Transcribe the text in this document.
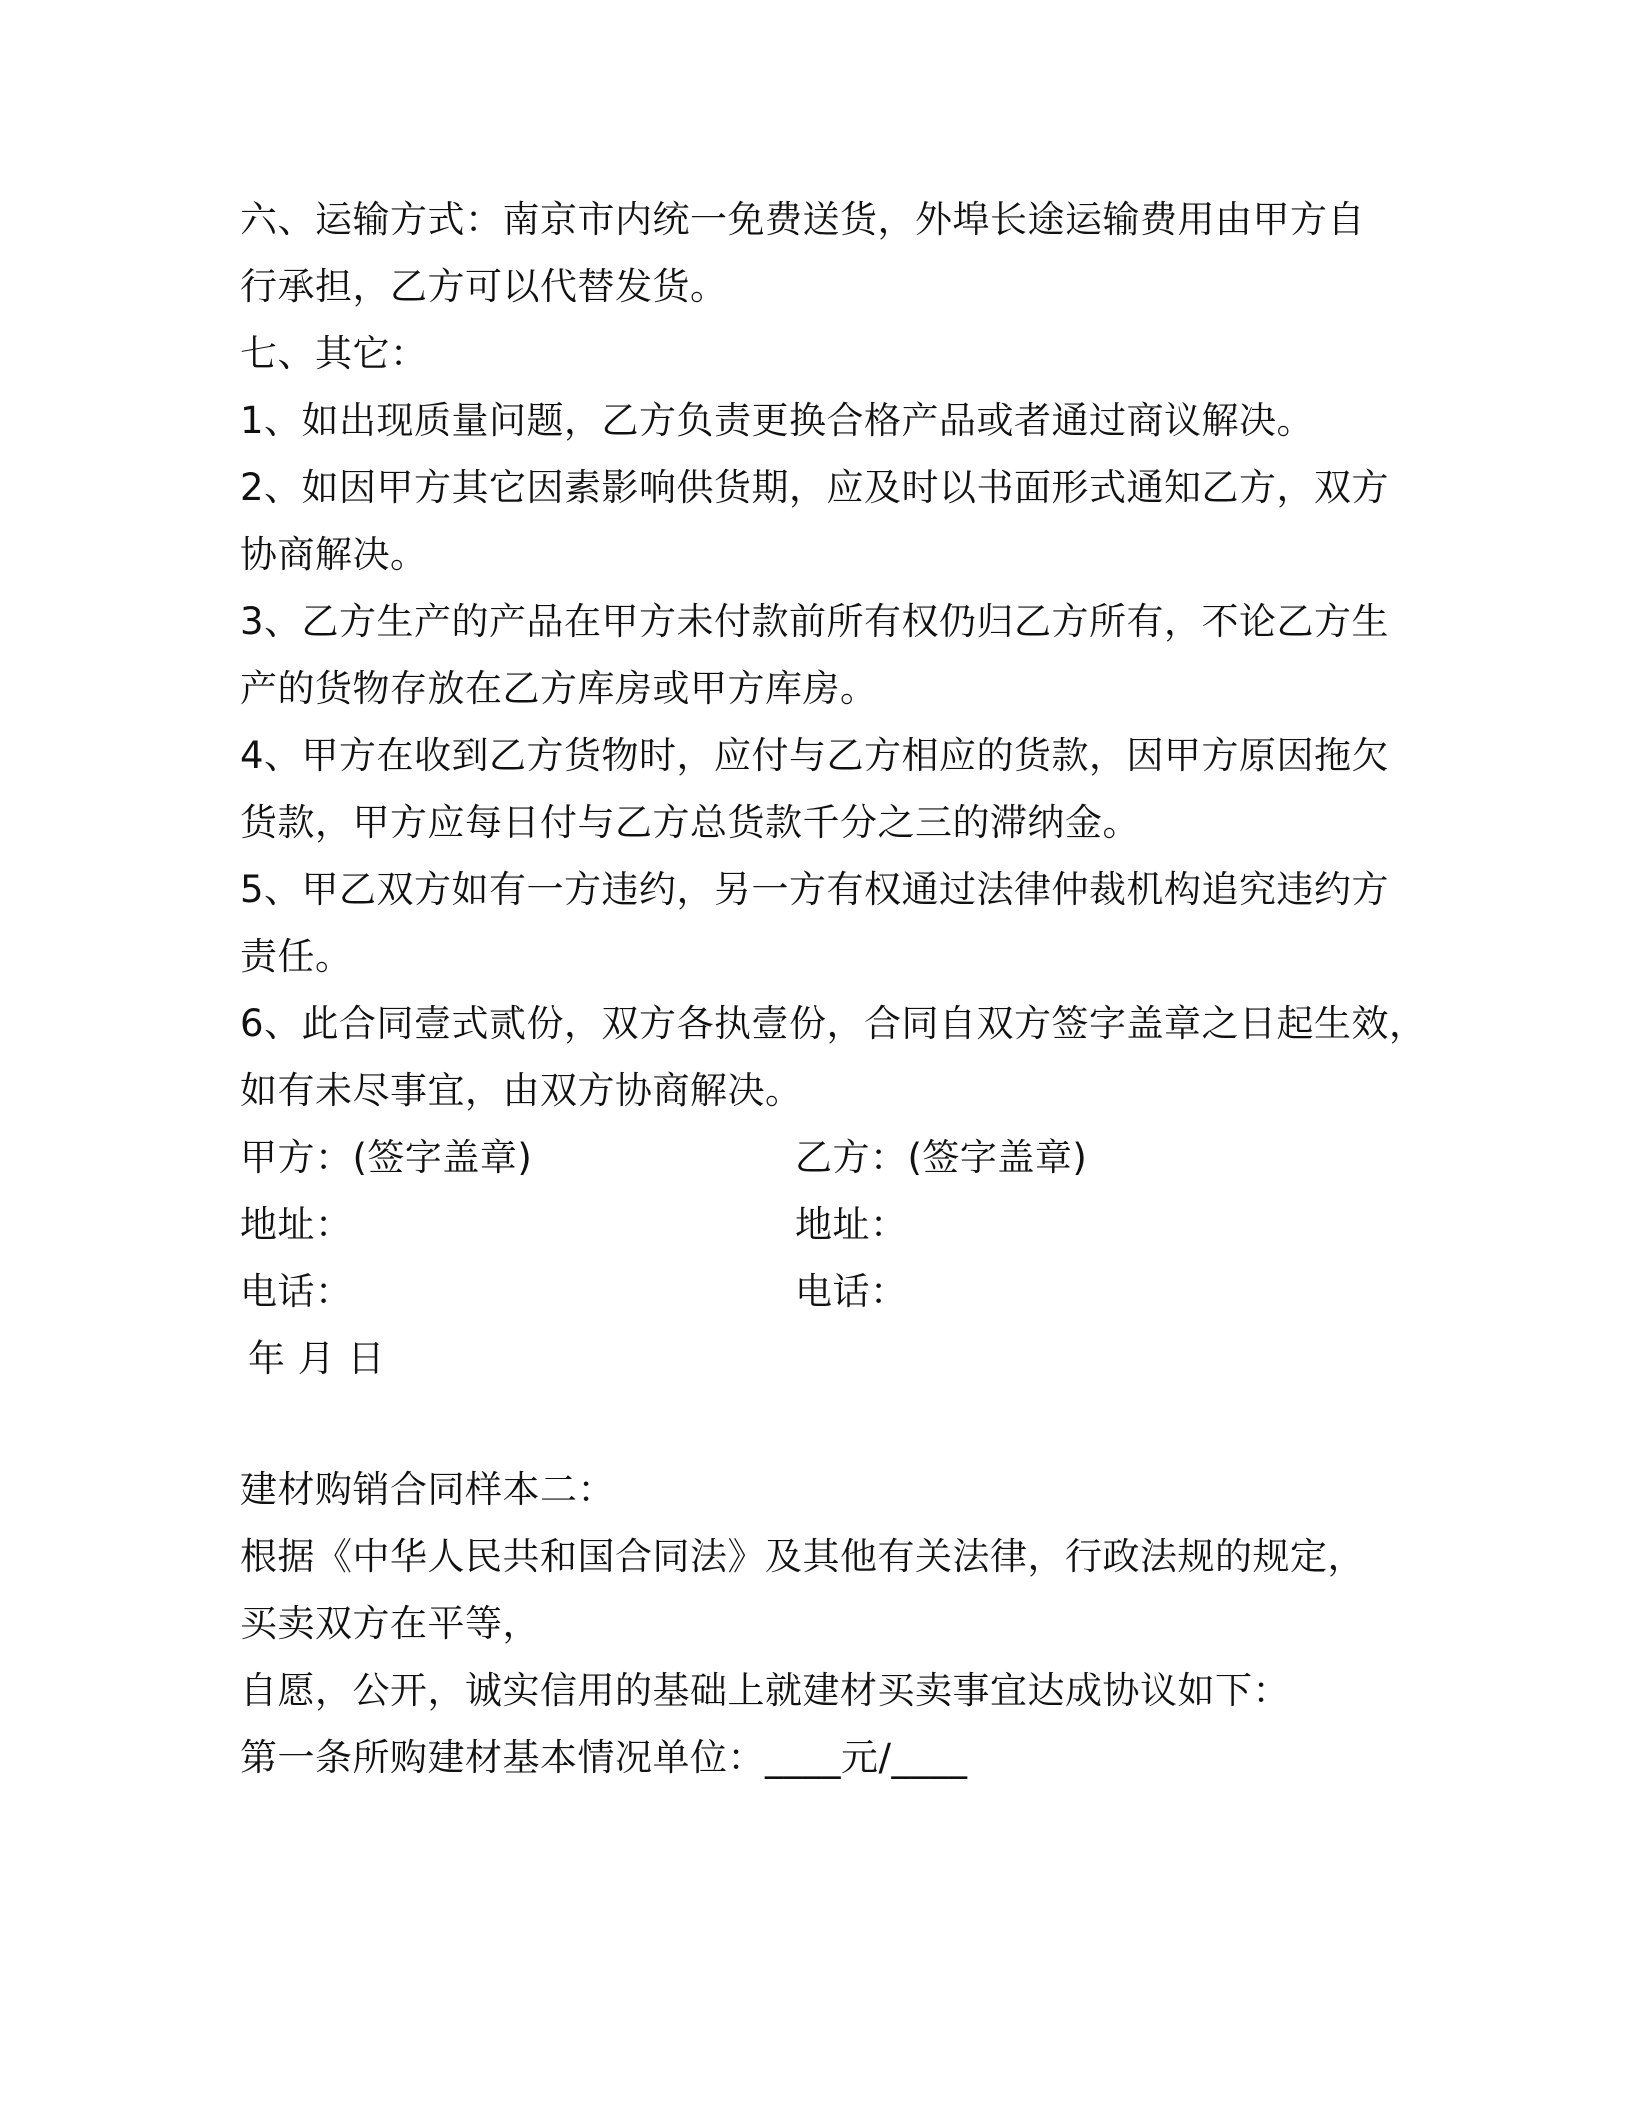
六、运输方式：南京市内统一免费送货，外埠长途运输费用由甲方自
行承担，乙方可以代替发货。
七、其它：
1、如出现质量问题，乙方负责更换合格产品或者通过商议解决。
2、如因甲方其它因素影响供货期，应及时以书面形式通知乙方，双方
协商解决。
3、乙方生产的产品在甲方未付款前所有权仍归乙方所有，不论乙方生
产的货物存放在乙方库房或甲方库房。
4、甲方在收到乙方货物时，应付与乙方相应的货款，因甲方原因拖欠
货款，甲方应每日付与乙方总货款千分之三的滞纳金。
5、甲乙双方如有一方违约，另一方有权通过法律仲裁机构追究违约方
责任。
6、此合同壹式贰份，双方各执壹份，合同自双方签字盖章之日起生效，
如有未尽事宜，由双方协商解决。
甲方：(签字盖章)	乙方：(签字盖章)
地址：	地址：
电话：	电话：
年 月 日
建材购销合同样本二：
根据《中华人民共和国合同法》及其他有关法律，行政法规的规定，
买卖双方在平等，
自愿，公开，诚实信用的基础上就建材买卖事宜达成协议如下：
第一条所购建材基本情况单位：____元/____
